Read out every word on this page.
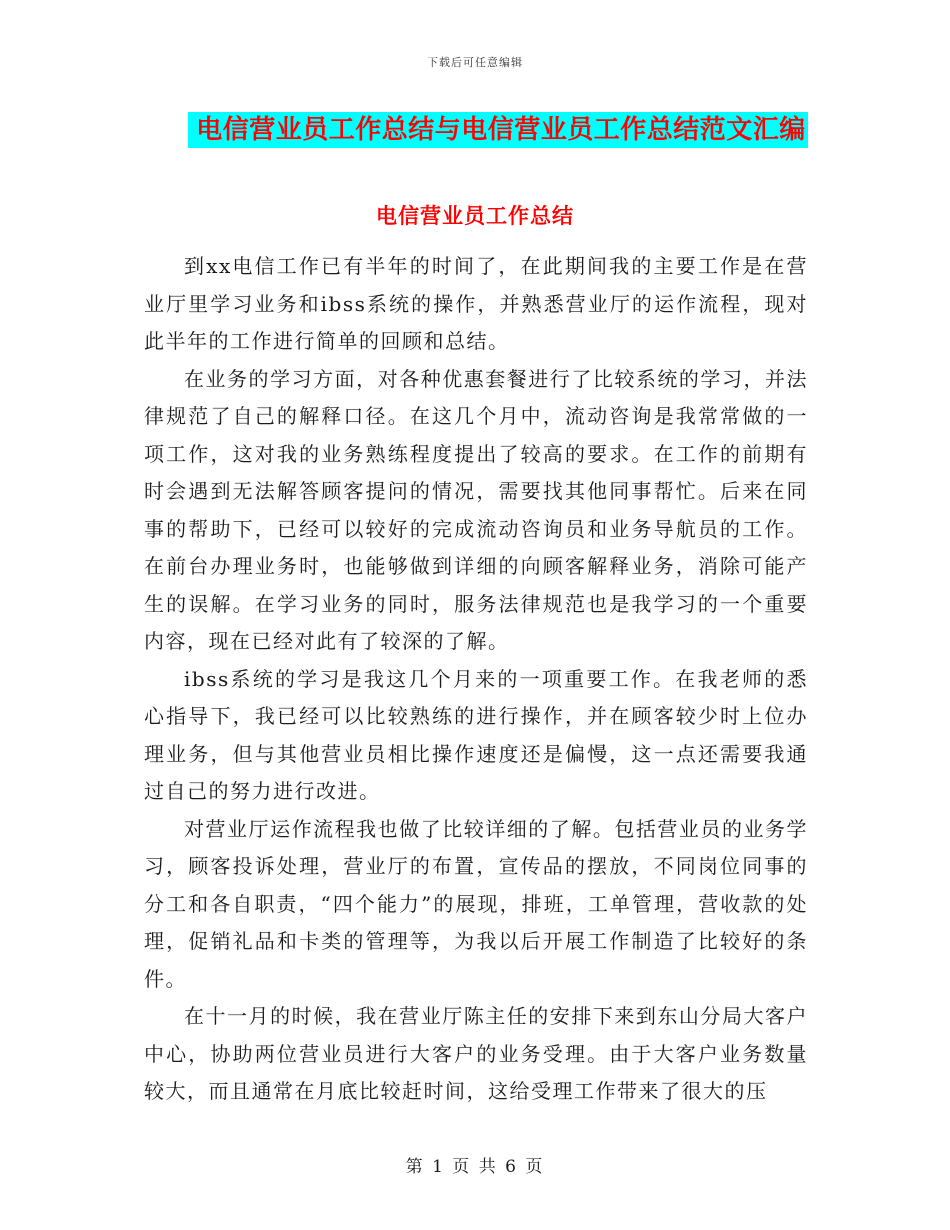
下载后可任意编辑
电信营业员工作总结与电信营业员工作总结范文汇编
电信营业员工作总结

到xx电信工作已有半年的时间了，在此期间我的主要工作是在营业厅里学习业务和ibss系统的操作，并熟悉营业厅的运作流程，现对此半年的工作进行简单的回顾和总结。

在业务的学习方面，对各种优惠套餐进行了比较系统的学习，并法律规范了自己的解释口径。在这几个月中，流动咨询是我常常做的一项工作，这对我的业务熟练程度提出了较高的要求。在工作的前期有时会遇到无法解答顾客提问的情况，需要找其他同事帮忙。后来在同事的帮助下，已经可以较好的完成流动咨询员和业务导航员的工作。在前台办理业务时，也能够做到详细的向顾客解释业务，消除可能产生的误解。在学习业务的同时，服务法律规范也是我学习的一个重要内容，现在已经对此有了较深的了解。

ibss系统的学习是我这几个月来的一项重要工作。在我老师的悉心指导下，我已经可以比较熟练的进行操作，并在顾客较少时上位办理业务，但与其他营业员相比操作速度还是偏慢，这一点还需要我通过自己的努力进行改进。

对营业厅运作流程我也做了比较详细的了解。包括营业员的业务学习，顾客投诉处理，营业厅的布置，宣传品的摆放，不同岗位同事的分工和各自职责，“四个能力”的展现，排班，工单管理，营收款的处理，促销礼品和卡类的管理等，为我以后开展工作制造了比较好的条件。

在十一月的时候，我在营业厅陈主任的安排下来到东山分局大客户中心，协助两位营业员进行大客户的业务受理。由于大客户业务数量较大，而且通常在月底比较赶时间，这给受理工作带来了很大的压

第 1 页 共 6 页
